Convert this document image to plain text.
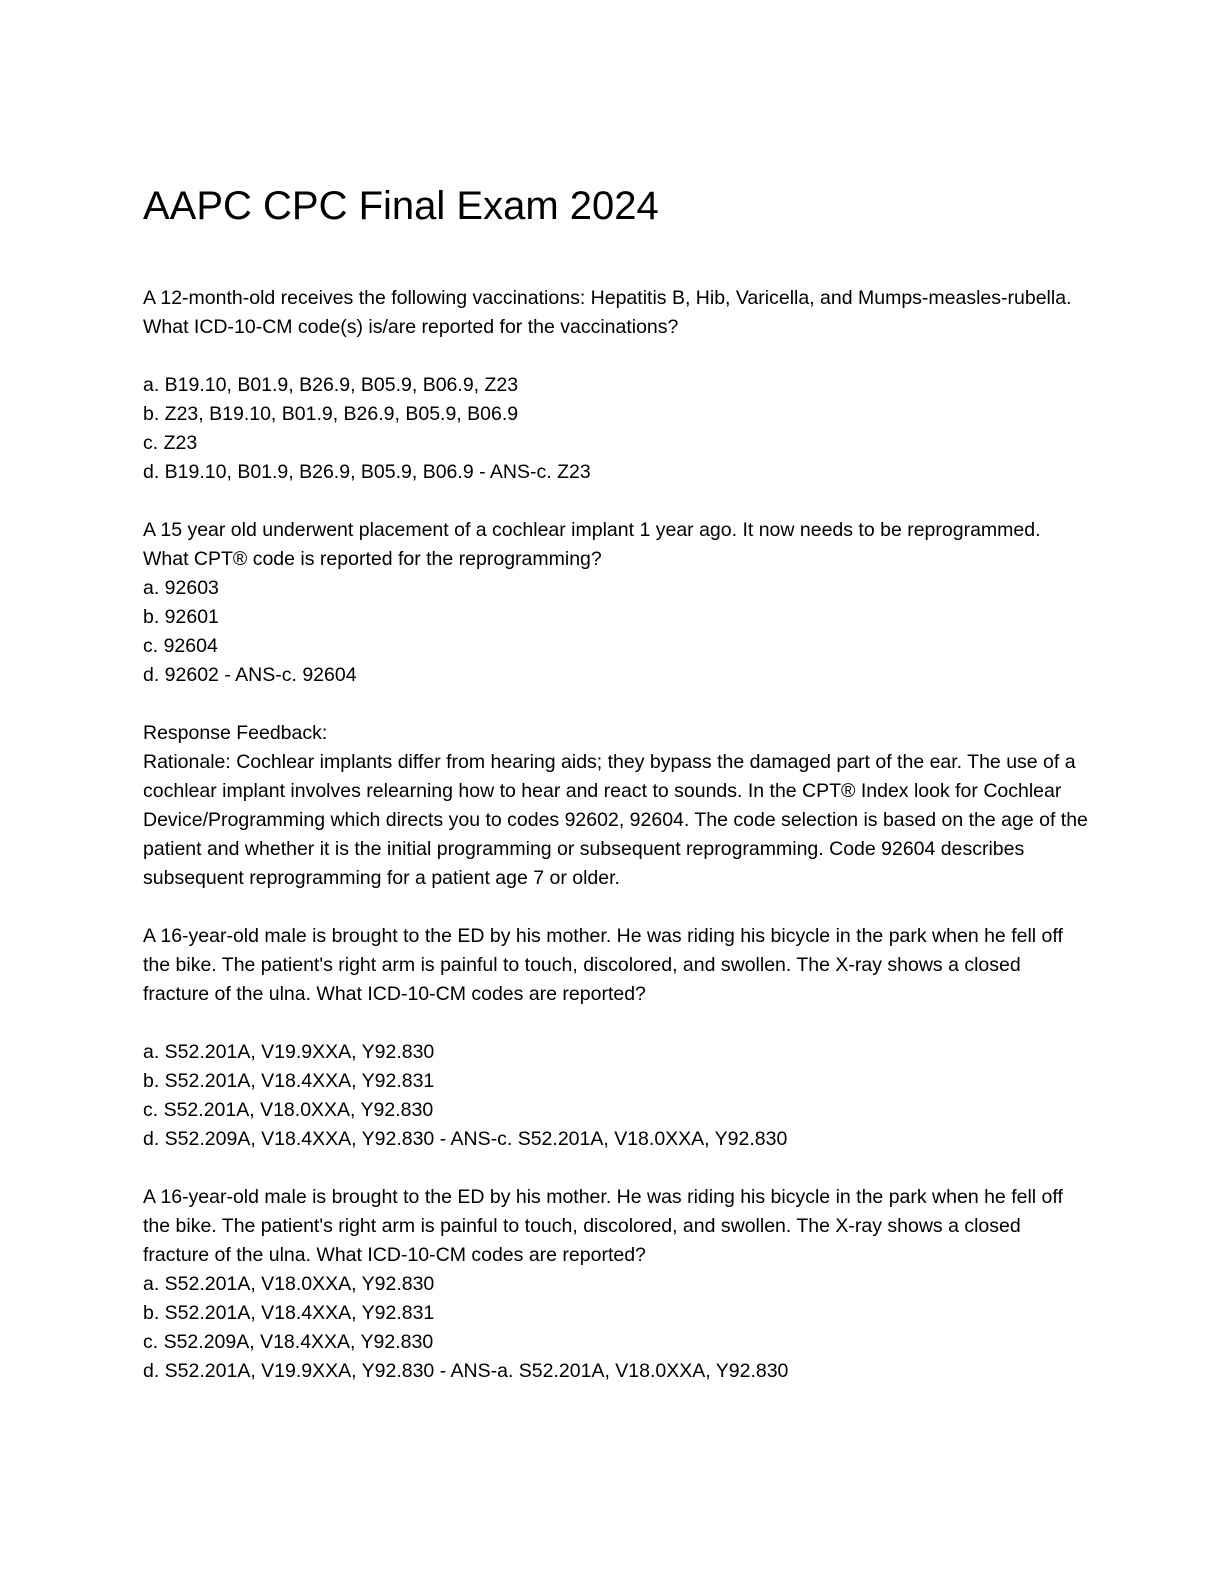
AAPC CPC Final Exam 2024

A 12-month-old receives the following vaccinations: Hepatitis B, Hib, Varicella, and Mumps-measles-rubella. What ICD-10-CM code(s) is/are reported for the vaccinations?

a. B19.10, B01.9, B26.9, B05.9, B06.9, Z23

b. Z23, B19.10, B01.9, B26.9, B05.9, B06.9

c. Z23

d. B19.10, B01.9, B26.9, B05.9, B06.9 - ANS-c. Z23

A 15 year old underwent placement of a cochlear implant 1 year ago. It now needs to be reprogrammed. What CPT® code is reported for the reprogramming?

a. 92603

b. 92601

c. 92604

d. 92602 - ANS-c. 92604

Response Feedback:

Rationale: Cochlear implants differ from hearing aids; they bypass the damaged part of the ear. The use of a cochlear implant involves relearning how to hear and react to sounds. In the CPT® Index look for Cochlear Device/Programming which directs you to codes 92602, 92604. The code selection is based on the age of the patient and whether it is the initial programming or subsequent reprogramming. Code 92604 describes subsequent reprogramming for a patient age 7 or older.

A 16-year-old male is brought to the ED by his mother. He was riding his bicycle in the park when he fell off the bike. The patient's right arm is painful to touch, discolored, and swollen. The X-ray shows a closed fracture of the ulna. What ICD-10-CM codes are reported?

a. S52.201A, V19.9XXA, Y92.830

b. S52.201A, V18.4XXA, Y92.831

c. S52.201A, V18.0XXA, Y92.830

d. S52.209A, V18.4XXA, Y92.830 - ANS-c. S52.201A, V18.0XXA, Y92.830

A 16-year-old male is brought to the ED by his mother. He was riding his bicycle in the park when he fell off the bike. The patient's right arm is painful to touch, discolored, and swollen. The X-ray shows a closed fracture of the ulna. What ICD-10-CM codes are reported?

a. S52.201A, V18.0XXA, Y92.830

b. S52.201A, V18.4XXA, Y92.831

c. S52.209A, V18.4XXA, Y92.830

d. S52.201A, V19.9XXA, Y92.830 - ANS-a. S52.201A, V18.0XXA, Y92.830
